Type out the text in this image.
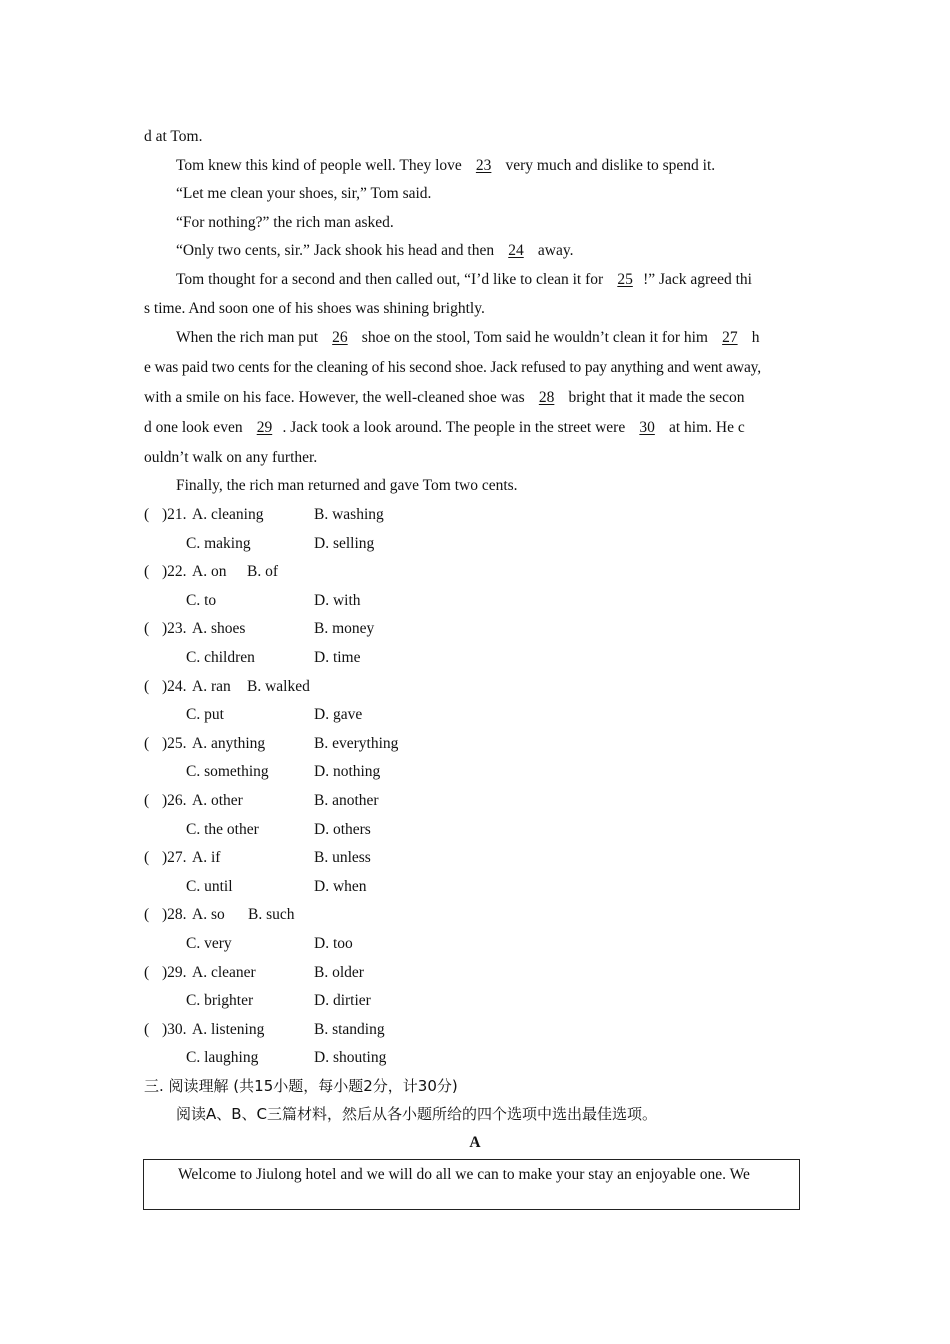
d at Tom.
Tom knew this kind of people well. They love 23 very much and dislike to spend it.
“Let me clean your shoes, sir,” Tom said.
“For nothing?” the rich man asked.
“Only two cents, sir.” Jack shook his head and then 24 away.
Tom thought for a second and then called out, “I’d like to clean it for 25 !” Jack agreed thi
s time. And soon one of his shoes was shining brightly.
When the rich man put 26 shoe on the stool, Tom said he wouldn’t clean it for him 27 h
e was paid two cents for the cleaning of his second shoe. Jack refused to pay anything and went away,
with a smile on his face. However, the well-cleaned shoe was 28 bright that it made the secon
d one look even 29 . Jack took a look around. The people in the street were 30 at him. He c
ouldn’t walk on any further.
Finally, the rich man returned and gave Tom two cents.
( )21. A. cleaning	B. washing
C. making	D. selling
( )22. A. on B. of
C. to	D. with
( )23. A. shoes	B. money
C. children	D. time
( )24. A. ran B. walked
C. put	D. gave
( )25. A. anything	B. everything
C. something	D. nothing
( )26. A. other	B. another
C. the other	D. others
( )27. A. if	B. unless
C. until	D. when
( )28. A. so B. such
C. very	D. too
( )29. A. cleaner	B. older
C. brighter	D. dirtier
( )30. A. listening	B. standing
C. laughing	D. shouting
三. 阅读理解 (共15小题，每小题2分，计30分)
阅读A、B、C三篇材料，然后从各小题所给的四个选项中选出最佳选项。
A
Welcome to Jiulong hotel and we will do all we can to make your stay an enjoyable one. We
